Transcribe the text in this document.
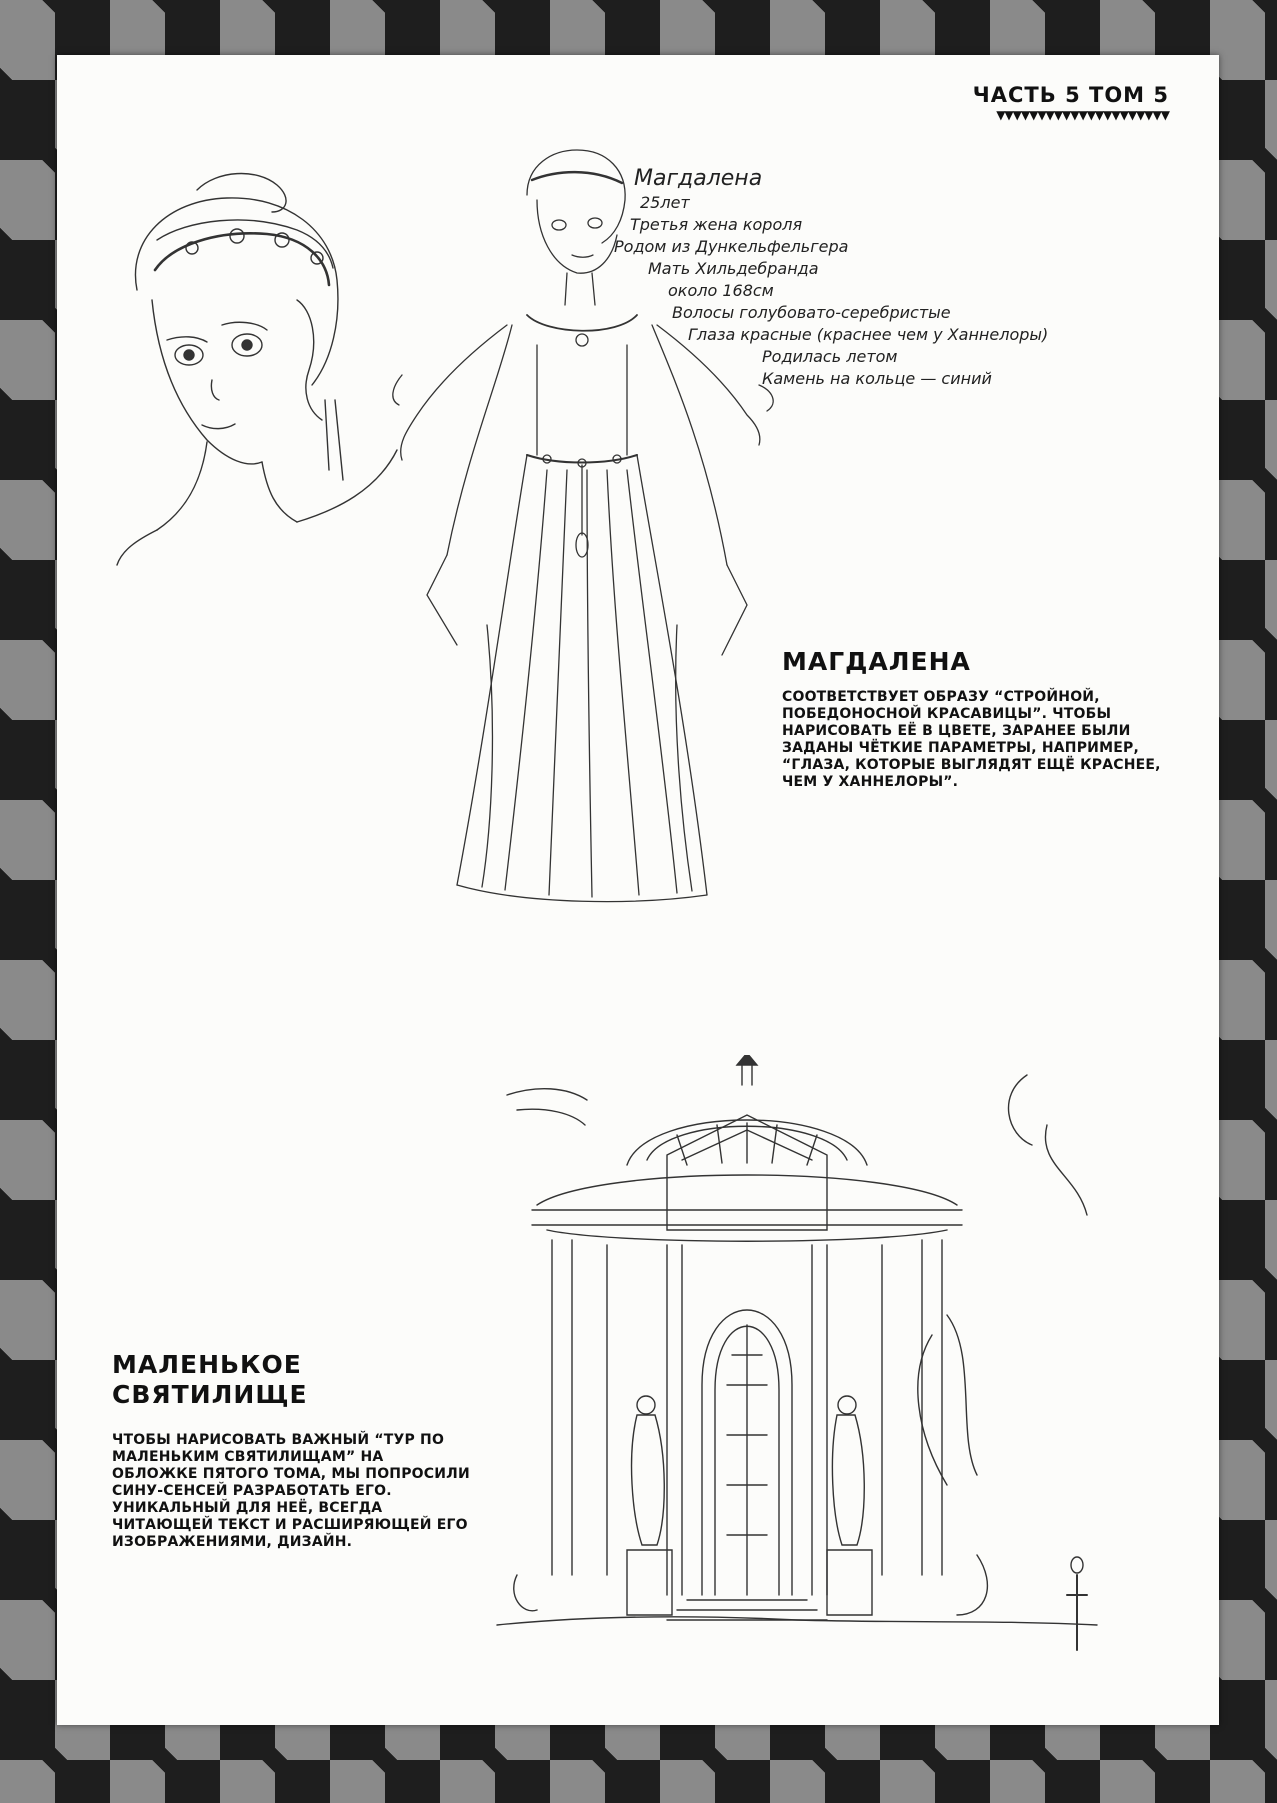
ЧАСТЬ 5 ТОМ 5
▼▼▼▼▼▼▼▼▼▼▼▼▼▼▼▼▼▼▼▼▼
Магдалена
25лет
Третья жена короля
Родом из Дункельфельгера
Мать Хильдебранда
около 168см
Волосы голубовато-серебристые
Глаза красные (краснее чем у Ханнелоры)
Родилась летом
Камень на кольце — синий
МАГДАЛЕНА
СООТВЕТСТВУЕТ ОБРАЗУ “СТРОЙНОЙ, ПОБЕДОНОСНОЙ КРАСАВИЦЫ”. ЧТОБЫ НАРИСОВАТЬ ЕЁ В ЦВЕТЕ, ЗАРАНЕЕ БЫЛИ ЗАДАНЫ ЧЁТКИЕ ПАРАМЕТРЫ, НАПРИМЕР, “ГЛАЗА, КОТОРЫЕ ВЫГЛЯДЯТ ЕЩЁ КРАСНЕЕ, ЧЕМ У ХАННЕЛОРЫ”.
МАЛЕНЬКОЕ СВЯТИЛИЩЕ
ЧТОБЫ НАРИСОВАТЬ ВАЖНЫЙ “ТУР ПО МАЛЕНЬКИМ СВЯТИЛИЩАМ” НА ОБЛОЖКЕ ПЯТОГО ТОМА, МЫ ПОПРОСИЛИ СИНУ-СЕНСЕЙ РАЗРАБОТАТЬ ЕГО. УНИКАЛЬНЫЙ ДЛЯ НЕЁ, ВСЕГДА ЧИТАЮЩЕЙ ТЕКСТ И РАСШИРЯЮЩЕЙ ЕГО ИЗОБРАЖЕНИЯМИ, ДИЗАЙН.
